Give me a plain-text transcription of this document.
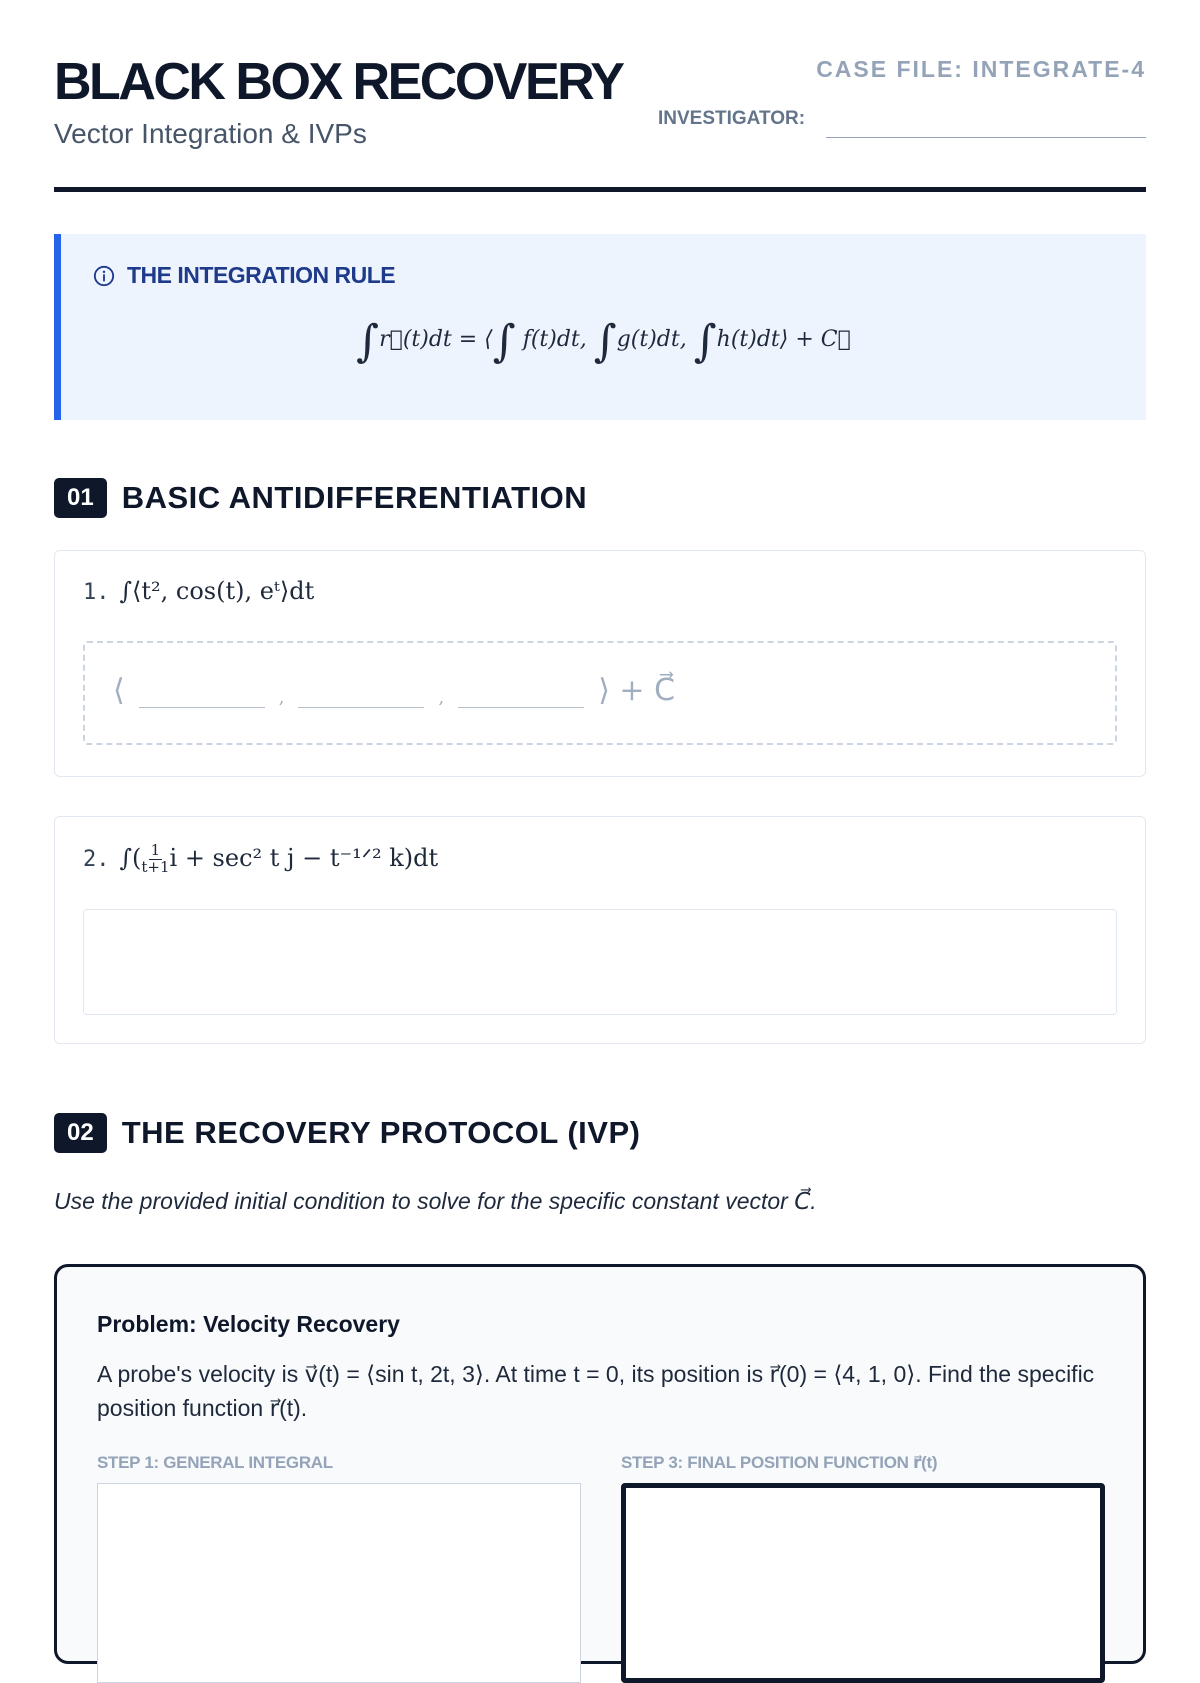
BLACK BOX RECOVERY

Vector Integration & IVPs

CASE FILE: INTEGRATE-4
INVESTIGATOR:
THE INTEGRATION RULE
∫r⃗(t)dt = ⟨∫ f(t)dt, ∫g(t)dt, ∫h(t)dt⟩ + C⃗
01 BASIC ANTIDIFFERENTIATION
1. ∫⟨t², cos(t), eᵗ⟩dt
⟨	,	,	⟩ + C⃗
2. ∫( $\frac{1}{t+1}$ i + sec² t j − t⁻¹ᐟ² k)dt
02 THE RECOVERY PROTOCOL (IVP)

Use the provided initial condition to solve for the specific constant vector C⃗.

Problem: Velocity Recovery

A probe's velocity is v⃗(t) = ⟨sin t, 2t, 3⟩. At time t = 0, its position is r⃗(0) = ⟨4, 1, 0⟩. Find the specific position function r⃗(t).

STEP 1: GENERAL INTEGRAL	STEP 3: FINAL POSITION FUNCTION r⃗(t)
